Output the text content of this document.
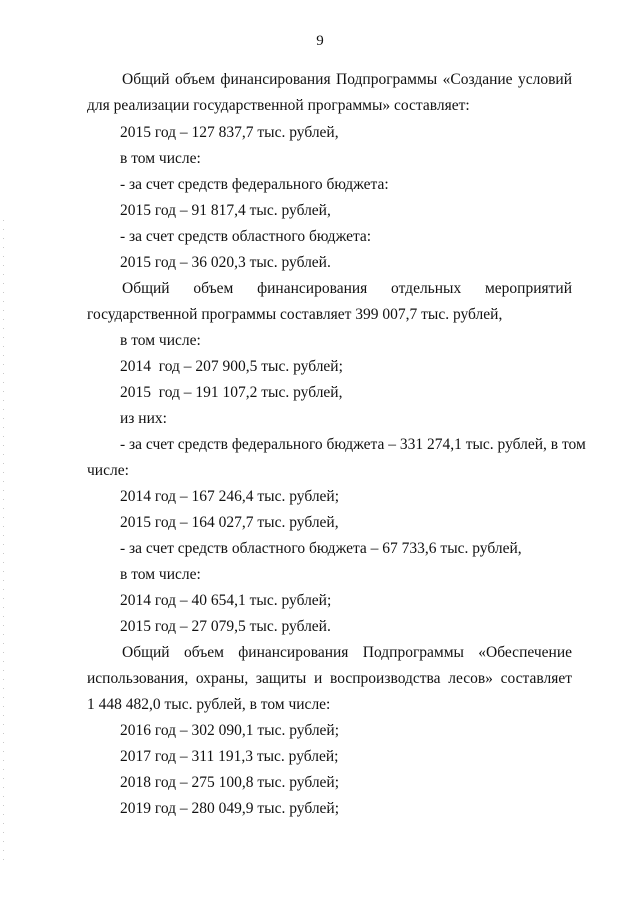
9
Общий объем финансирования Подпрограммы «Создание условий
для реализации государственной программы» составляет:
2015 год – 127 837,7 тыс. рублей,
в том числе:
- за счет средств федерального бюджета:
2015 год – 91 817,4 тыс. рублей,
- за счет средств областного бюджета:
2015 год – 36 020,3 тыс. рублей.
Общий объем финансирования отдельных мероприятий
государственной программы составляет 399 007,7 тыс. рублей,
в том числе:
2014  год – 207 900,5 тыс. рублей;
2015  год – 191 107,2 тыс. рублей,
из них:
- за счет средств федерального бюджета – 331 274,1 тыс. рублей, в том
числе:
2014 год – 167 246,4 тыс. рублей;
2015 год – 164 027,7 тыс. рублей,
- за счет средств областного бюджета – 67 733,6 тыс. рублей,
в том числе:
2014 год – 40 654,1 тыс. рублей;
2015 год – 27 079,5 тыс. рублей.
Общий объем финансирования Подпрограммы «Обеспечение
использования, охраны, защиты и воспроизводства лесов» составляет
1 448 482,0 тыс. рублей, в том числе:
2016 год – 302 090,1 тыс. рублей;
2017 год – 311 191,3 тыс. рублей;
2018 год – 275 100,8 тыс. рублей;
2019 год – 280 049,9 тыс. рублей;
